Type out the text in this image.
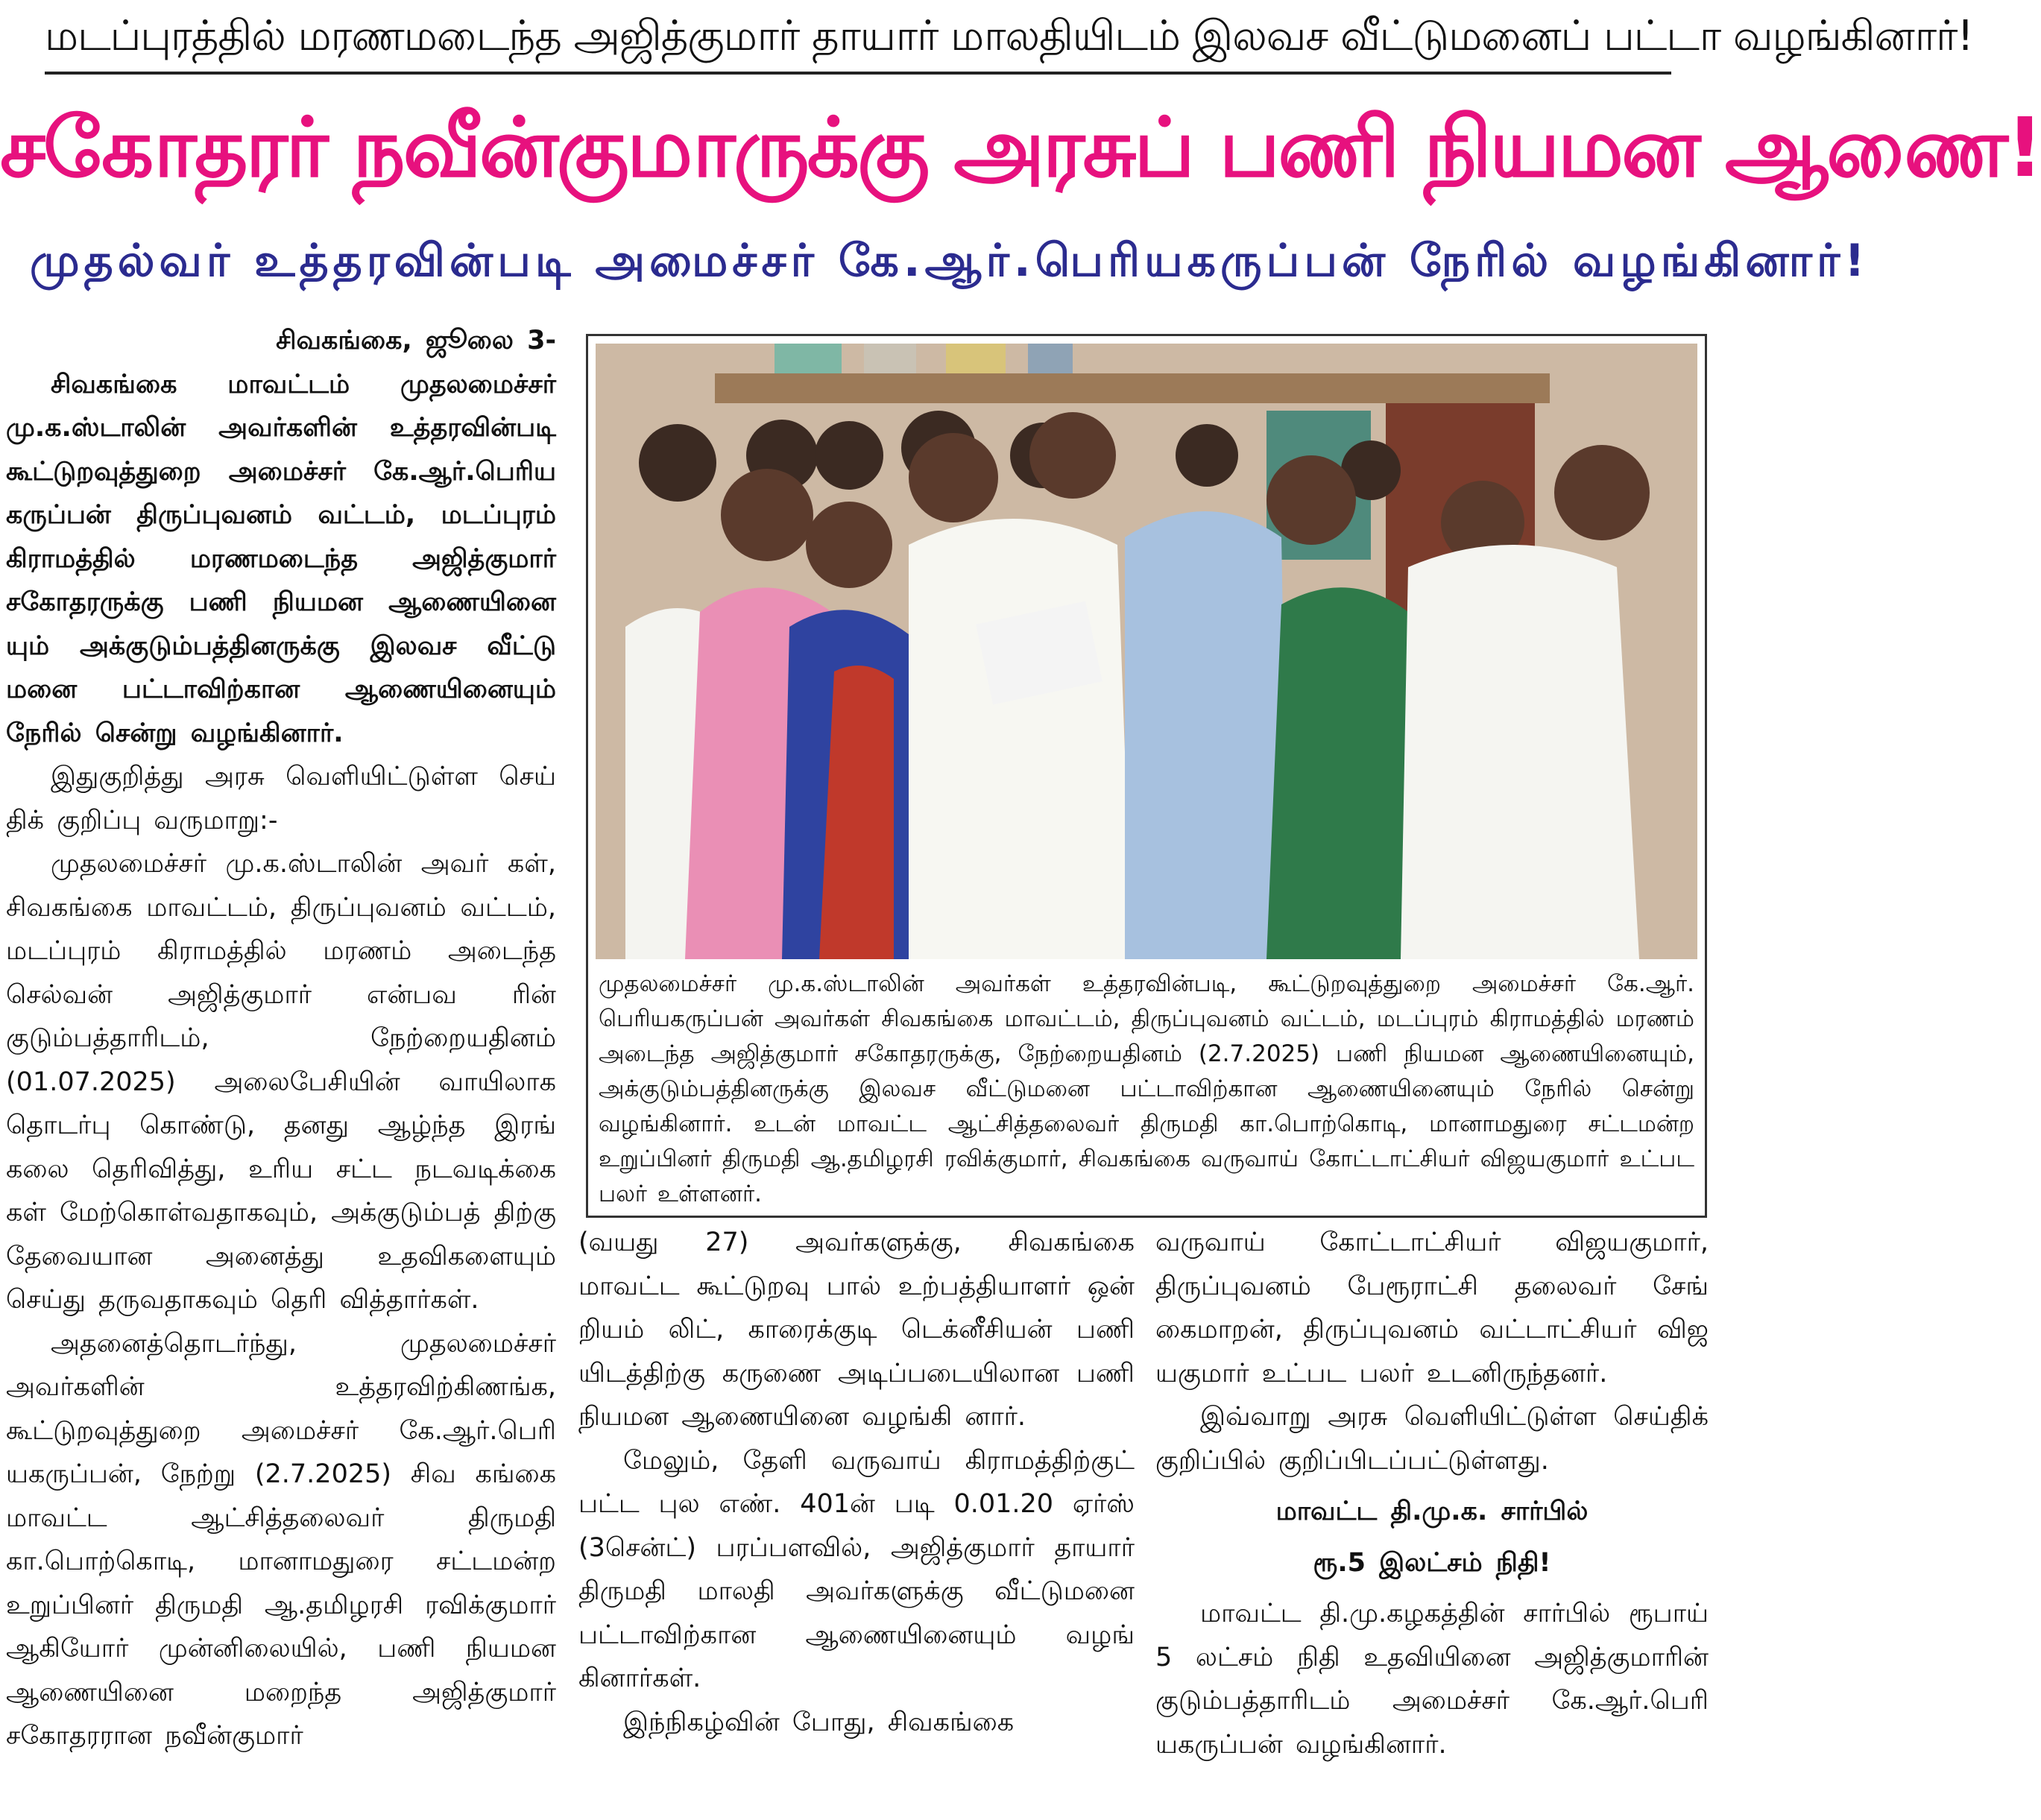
மடப்புரத்தில் மரணமடைந்த அஜித்குமார் தாயார் மாலதியிடம் இலவச வீட்டுமனைப் பட்டா வழங்கினார்!
சகோதரர் நவீன்குமாருக்கு அரசுப் பணி நியமன ஆணை!
முதல்வர் உத்தரவின்படி அமைச்சர் கே.ஆர்.பெரியகருப்பன் நேரில் வழங்கினார்!

சிவகங்கை, ஜூலை 3-

சிவகங்கை மாவட்டம் முதலமைச்சர் மு.க.ஸ்டாலின் அவர்களின் உத்தரவின்படி கூட்டுறவுத்துறை அமைச்சர் கே.ஆர்.பெரிய கருப்பன் திருப்புவனம் வட்டம், மடப்புரம் கிராமத்தில் மரணமடைந்த அஜித்குமார் சகோதரருக்கு பணி நியமன ஆணையினை யும் அக்குடும்பத்தினருக்கு இலவச வீட்டு மனை பட்டாவிற்கான ஆணையினையும் நேரில் சென்று வழங்கினார்.

இதுகுறித்து அரசு வெளியிட்டுள்ள செய் திக் குறிப்பு வருமாறு:-

முதலமைச்சர் மு.க.ஸ்டாலின் அவர் கள், சிவகங்கை மாவட்டம், திருப்புவனம் வட்டம், மடப்புரம் கிராமத்தில் மரணம் அடைந்த செல்வன் அஜித்குமார் என்பவ ரின் குடும்பத்தாரிடம், நேற்றையதினம் (01.07.2025) அலைபேசியின் வாயிலாக தொடர்பு கொண்டு, தனது ஆழ்ந்த இரங் கலை தெரிவித்து, உரிய சட்ட நடவடிக்கை கள் மேற்கொள்வதாகவும், அக்குடும்பத் திற்கு தேவையான அனைத்து உதவிகளையும் செய்து தருவதாகவும் தெரி வித்தார்கள்.

அதனைத்தொடர்ந்து, முதலமைச்சர் அவர்களின் உத்தரவிற்கிணங்க, கூட்டுறவுத்துறை அமைச்சர் கே.ஆர்.பெரி யகருப்பன், நேற்று (2.7.2025) சிவ கங்கை மாவட்ட ஆட்சித்தலைவர் திருமதி கா.பொற்கொடி, மானாமதுரை சட்டமன்ற உறுப்பினர் திருமதி ஆ.தமிழரசி ரவிக்குமார் ஆகியோர் முன்னிலையில், பணி நியமன ஆணையினை மறைந்த அஜித்குமார் சகோதரரான நவீன்குமார்

முதலமைச்சர் மு.க.ஸ்டாலின் அவர்கள் உத்தரவின்படி, கூட்டுறவுத்துறை அமைச்சர் கே.ஆர். பெரியகருப்பன் அவர்கள் சிவகங்கை மாவட்டம், திருப்புவனம் வட்டம், மடப்புரம் கிராமத்தில் மரணம் அடைந்த அஜித்குமார் சகோதரருக்கு, நேற்றையதினம் (2.7.2025) பணி நியமன ஆணையினையும், அக்குடும்பத்தினருக்கு இலவச வீட்டுமனை பட்டாவிற்கான ஆணையினையும் நேரில் சென்று வழங்கினார். உடன் மாவட்ட ஆட்சித்தலைவர் திருமதி கா.பொற்கொடி, மானாமதுரை சட்டமன்ற உறுப்பினர் திருமதி ஆ.தமிழரசி ரவிக்குமார், சிவகங்கை வருவாய் கோட்டாட்சியர் விஜயகுமார் உட்பட பலர் உள்ளனர்.

(வயது 27) அவர்களுக்கு, சிவகங்கை மாவட்ட கூட்டுறவு பால் உற்பத்தியாளர் ஒன் றியம் லிட், காரைக்குடி டெக்னீசியன் பணி யிடத்திற்கு கருணை அடிப்படையிலான பணி நியமன ஆணையினை வழங்கி னார்.

மேலும், தேளி வருவாய் கிராமத்திற்குட் பட்ட புல எண். 401ன் படி 0.01.20 ஏர்ஸ் (3சென்ட்) பரப்பளவில், அஜித்குமார் தாயார் திருமதி மாலதி அவர்களுக்கு வீட்டுமனை பட்டாவிற்கான ஆணையினையும் வழங் கினார்கள்.

இந்நிகழ்வின் போது, சிவகங்கை

வருவாய் கோட்டாட்சியர் விஜயகுமார், திருப்புவனம் பேரூராட்சி தலைவர் சேங் கைமாறன், திருப்புவனம் வட்டாட்சியர் விஜ யகுமார் உட்பட பலர் உடனிருந்தனர்.

இவ்வாறு அரசு வெளியிட்டுள்ள செய்திக் குறிப்பில் குறிப்பிடப்பட்டுள்ளது.

மாவட்ட தி.மு.க. சார்பில்

ரூ.5 இலட்சம் நிதி!

மாவட்ட தி.மு.கழகத்தின் சார்பில் ரூபாய் 5 லட்சம் நிதி உதவியினை அஜித்குமாரின் குடும்பத்தாரிடம் அமைச்சர் கே.ஆர்.பெரி யகருப்பன் வழங்கினார்.
